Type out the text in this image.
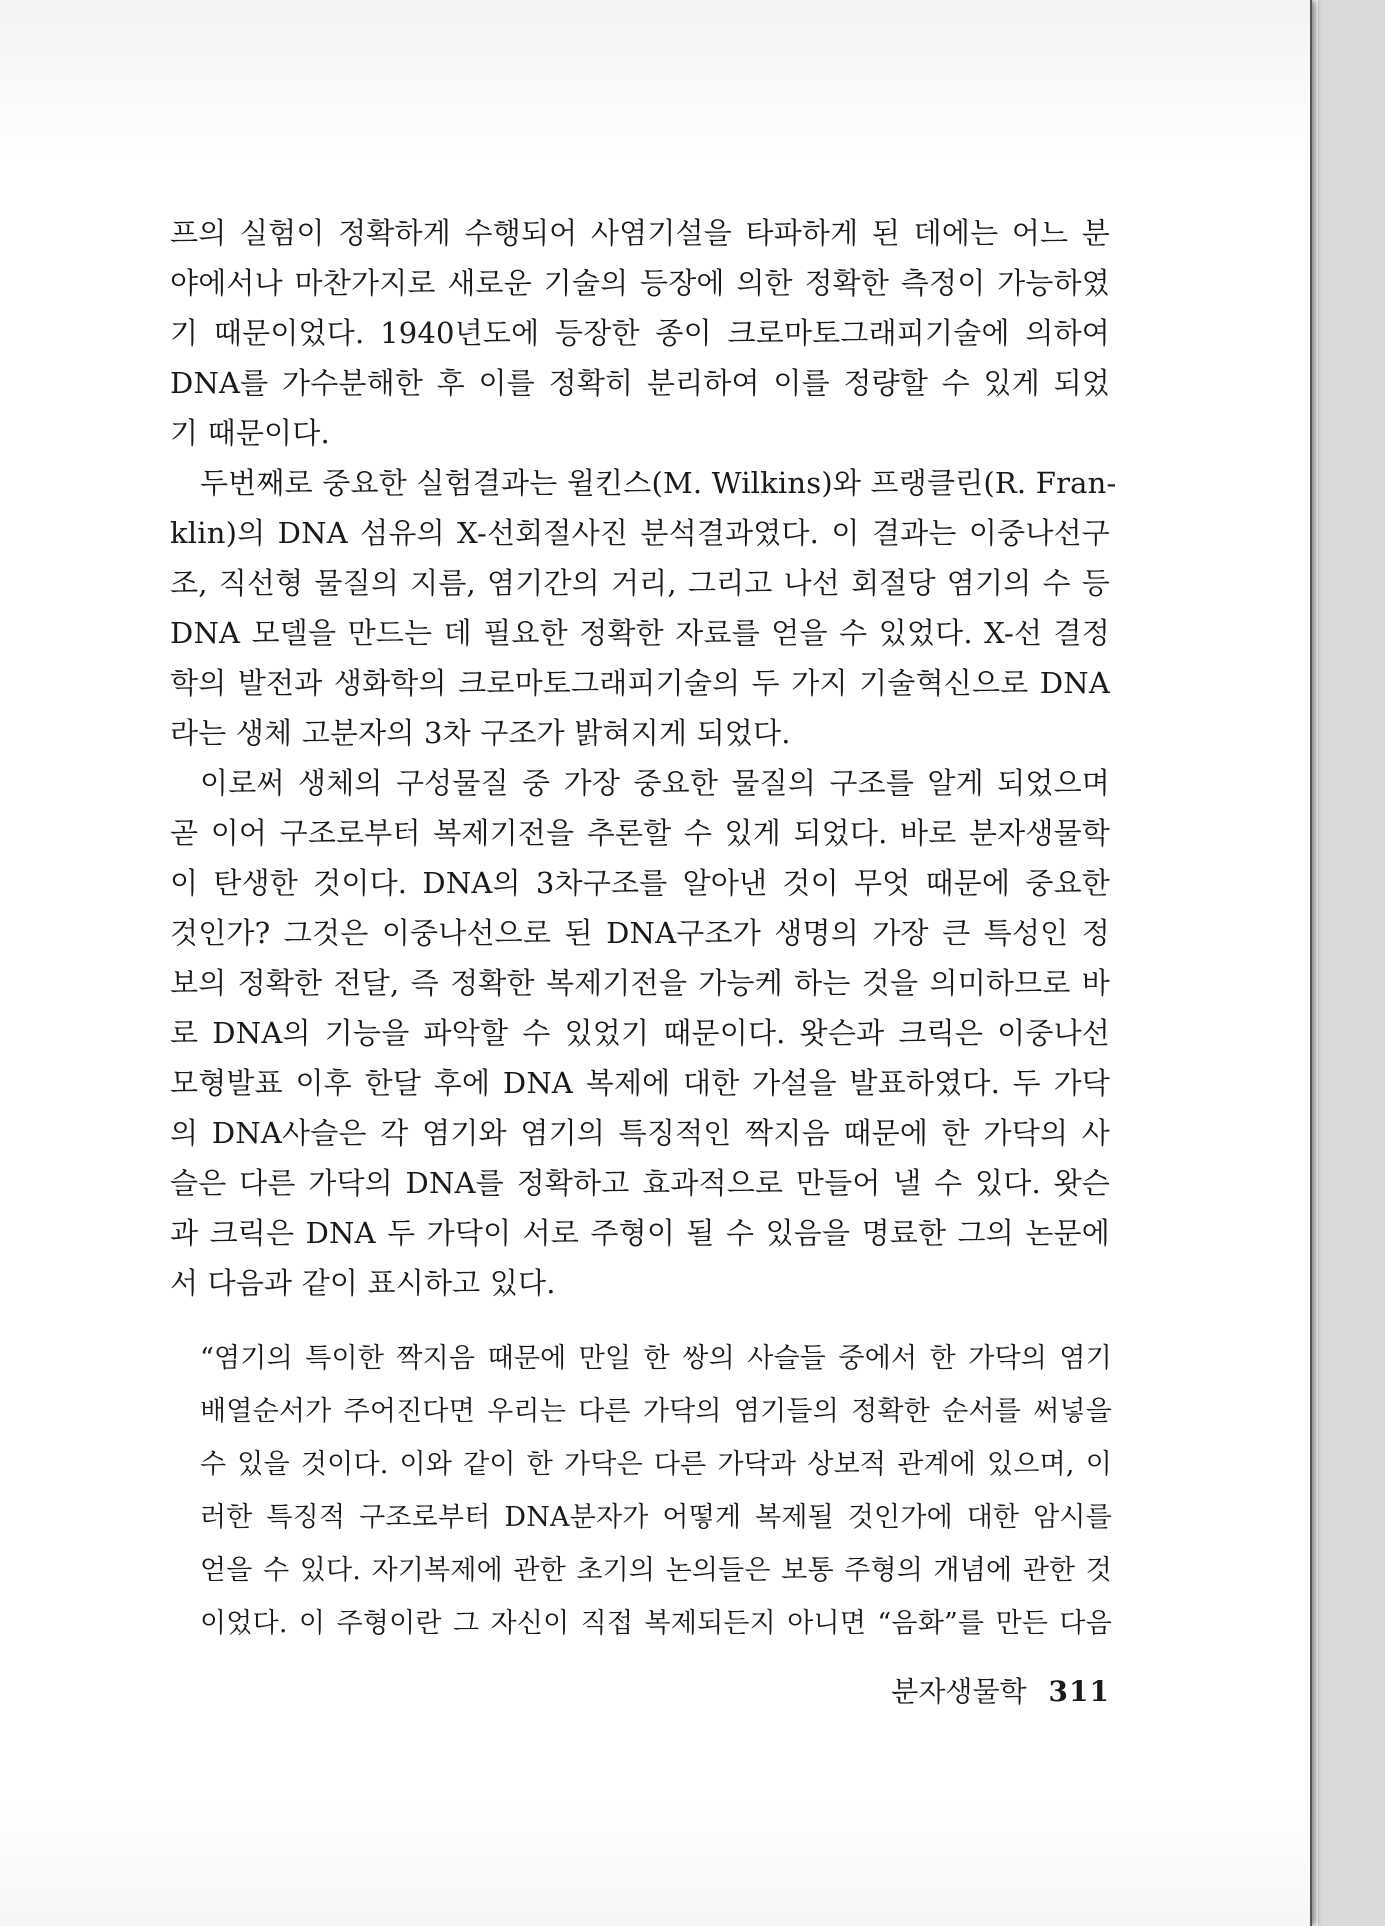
프의 실험이 정확하게 수행되어 사염기설을 타파하게 된 데에는 어느 분
야에서나 마찬가지로 새로운 기술의 등장에 의한 정확한 측정이 가능하였
기 때문이었다. 1940년도에 등장한 종이 크로마토그래피기술에 의하여
DNA를 가수분해한 후 이를 정확히 분리하여 이를 정량할 수 있게 되었
기 때문이다.
두번째로 중요한 실험결과는 윌킨스(M. Wilkins)와 프랭클린(R. Fran-
klin)의 DNA 섬유의 X-선회절사진 분석결과였다. 이 결과는 이중나선구
조, 직선형 물질의 지름, 염기간의 거리, 그리고 나선 회절당 염기의 수 등
DNA 모델을 만드는 데 필요한 정확한 자료를 얻을 수 있었다. X-선 결정
학의 발전과 생화학의 크로마토그래피기술의 두 가지 기술혁신으로 DNA
라는 생체 고분자의 3차 구조가 밝혀지게 되었다.
이로써 생체의 구성물질 중 가장 중요한 물질의 구조를 알게 되었으며
곧 이어 구조로부터 복제기전을 추론할 수 있게 되었다. 바로 분자생물학
이 탄생한 것이다. DNA의 3차구조를 알아낸 것이 무엇 때문에 중요한
것인가? 그것은 이중나선으로 된 DNA구조가 생명의 가장 큰 특성인 정
보의 정확한 전달, 즉 정확한 복제기전을 가능케 하는 것을 의미하므로 바
로 DNA의 기능을 파악할 수 있었기 때문이다. 왓슨과 크릭은 이중나선
모형발표 이후 한달 후에 DNA 복제에 대한 가설을 발표하였다. 두 가닥
의 DNA사슬은 각 염기와 염기의 특징적인 짝지음 때문에 한 가닥의 사
슬은 다른 가닥의 DNA를 정확하고 효과적으로 만들어 낼 수 있다. 왓슨
과 크릭은 DNA 두 가닥이 서로 주형이 될 수 있음을 명료한 그의 논문에
서 다음과 같이 표시하고 있다.
“염기의 특이한 짝지음 때문에 만일 한 쌍의 사슬들 중에서 한 가닥의 염기
배열순서가 주어진다면 우리는 다른 가닥의 염기들의 정확한 순서를 써넣을
수 있을 것이다. 이와 같이 한 가닥은 다른 가닥과 상보적 관계에 있으며, 이
러한 특징적 구조로부터 DNA분자가 어떻게 복제될 것인가에 대한 암시를
얻을 수 있다. 자기복제에 관한 초기의 논의들은 보통 주형의 개념에 관한 것
이었다. 이 주형이란 그 자신이 직접 복제되든지 아니면 “음화”를 만든 다음
분자생물학 311
